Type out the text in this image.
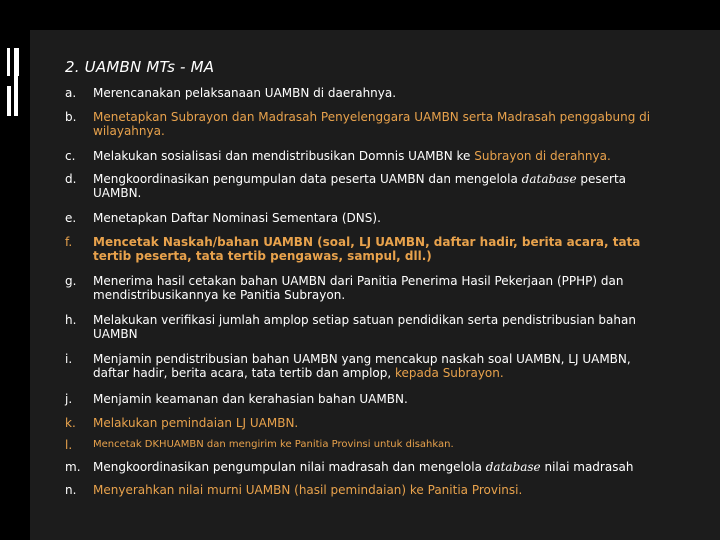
2. UAMBN MTs - MA
a.	Merencanakan pelaksanaan UAMBN di daerahnya.
b.	Menetapkan Subrayon dan Madrasah Penyelenggara UAMBN serta Madrasah penggabung di wilayahnya.
c.	Melakukan sosialisasi dan mendistribusikan Domnis UAMBN ke Subrayon di derahnya.
d.	Mengkoordinasikan pengumpulan data peserta UAMBN dan mengelola database peserta UAMBN.
e.	Menetapkan Daftar Nominasi Sementara (DNS).
f.	Mencetak Naskah/bahan UAMBN (soal, LJ UAMBN, daftar hadir, berita acara, tata tertib peserta, tata tertib pengawas, sampul, dll.)
g.	Menerima hasil cetakan bahan UAMBN dari Panitia Penerima Hasil Pekerjaan (PPHP) dan mendistribusikannya ke Panitia Subrayon.
h.	Melakukan verifikasi jumlah amplop setiap satuan pendidikan serta pendistribusian bahan UAMBN
i.	Menjamin pendistribusian bahan UAMBN yang mencakup naskah soal UAMBN, LJ UAMBN, daftar hadir, berita acara, tata tertib dan amplop, kepada Subrayon.
j.	Menjamin keamanan dan kerahasian bahan UAMBN.
k.	Melakukan pemindaian LJ UAMBN.
l.	Mencetak DKHUAMBN dan mengirim ke Panitia Provinsi untuk disahkan.
m.	Mengkoordinasikan pengumpulan nilai madrasah dan mengelola database nilai madrasah
n.	Menyerahkan nilai murni UAMBN (hasil pemindaian) ke Panitia Provinsi.
